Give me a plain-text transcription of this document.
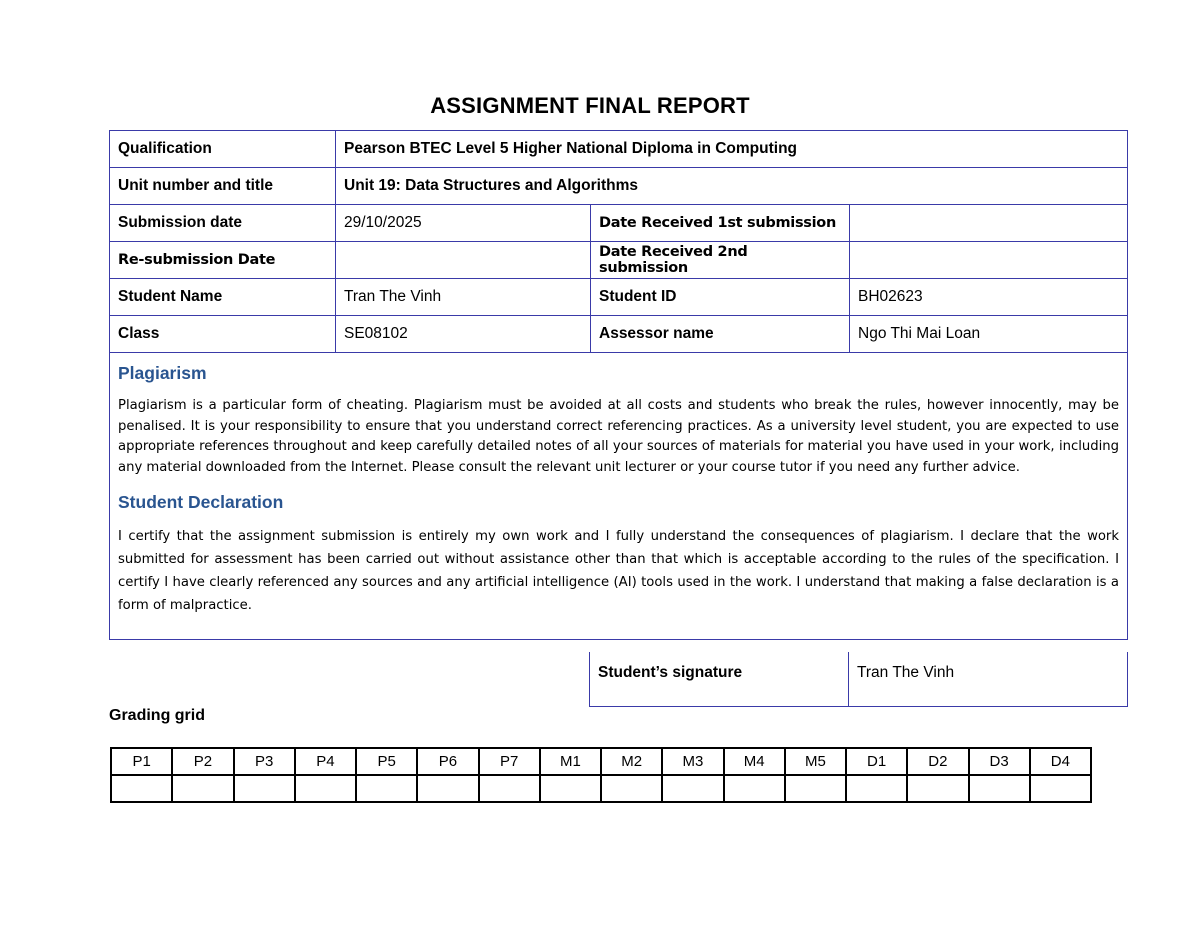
ASSIGNMENT FINAL REPORT
Qualification	Pearson BTEC Level 5 Higher National Diploma in Computing		
Unit number and title	Unit 19: Data Structures and Algorithms		
Submission date	29/10/2025	Date Received 1st submission	
Re-submission Date		Date Received 2nd submission	
Student Name	Tran The Vinh	Student ID	BH02623
Class	SE08102	Assessor name	Ngo Thi Mai Loan

Plagiarism

Plagiarism is a particular form of cheating. Plagiarism must be avoided at all costs and students who break the rules, however innocently, may be penalised. It is your responsibility to ensure that you understand correct referencing practices. As a university level student, you are expected to use appropriate references throughout and keep carefully detailed notes of all your sources of materials for material you have used in your work, including any material downloaded from the Internet. Please consult the relevant unit lecturer or your course tutor if you need any further advice.

Student Declaration

I certify that the assignment submission is entirely my own work and I fully understand the consequences of plagiarism. I declare that the work submitted for assessment has been carried out without assistance other than that which is acceptable according to the rules of the specification. I certify I have clearly referenced any sources and any artificial intelligence (AI) tools used in the work. I understand that making a false declaration is a form of malpractice.			

Student’s signature	Tran The Vinh
Grading grid
P1	P2	P3	P4	P5	P6	P7	M1	M2	M3	M4	M5	D1	D2	D3	D4
